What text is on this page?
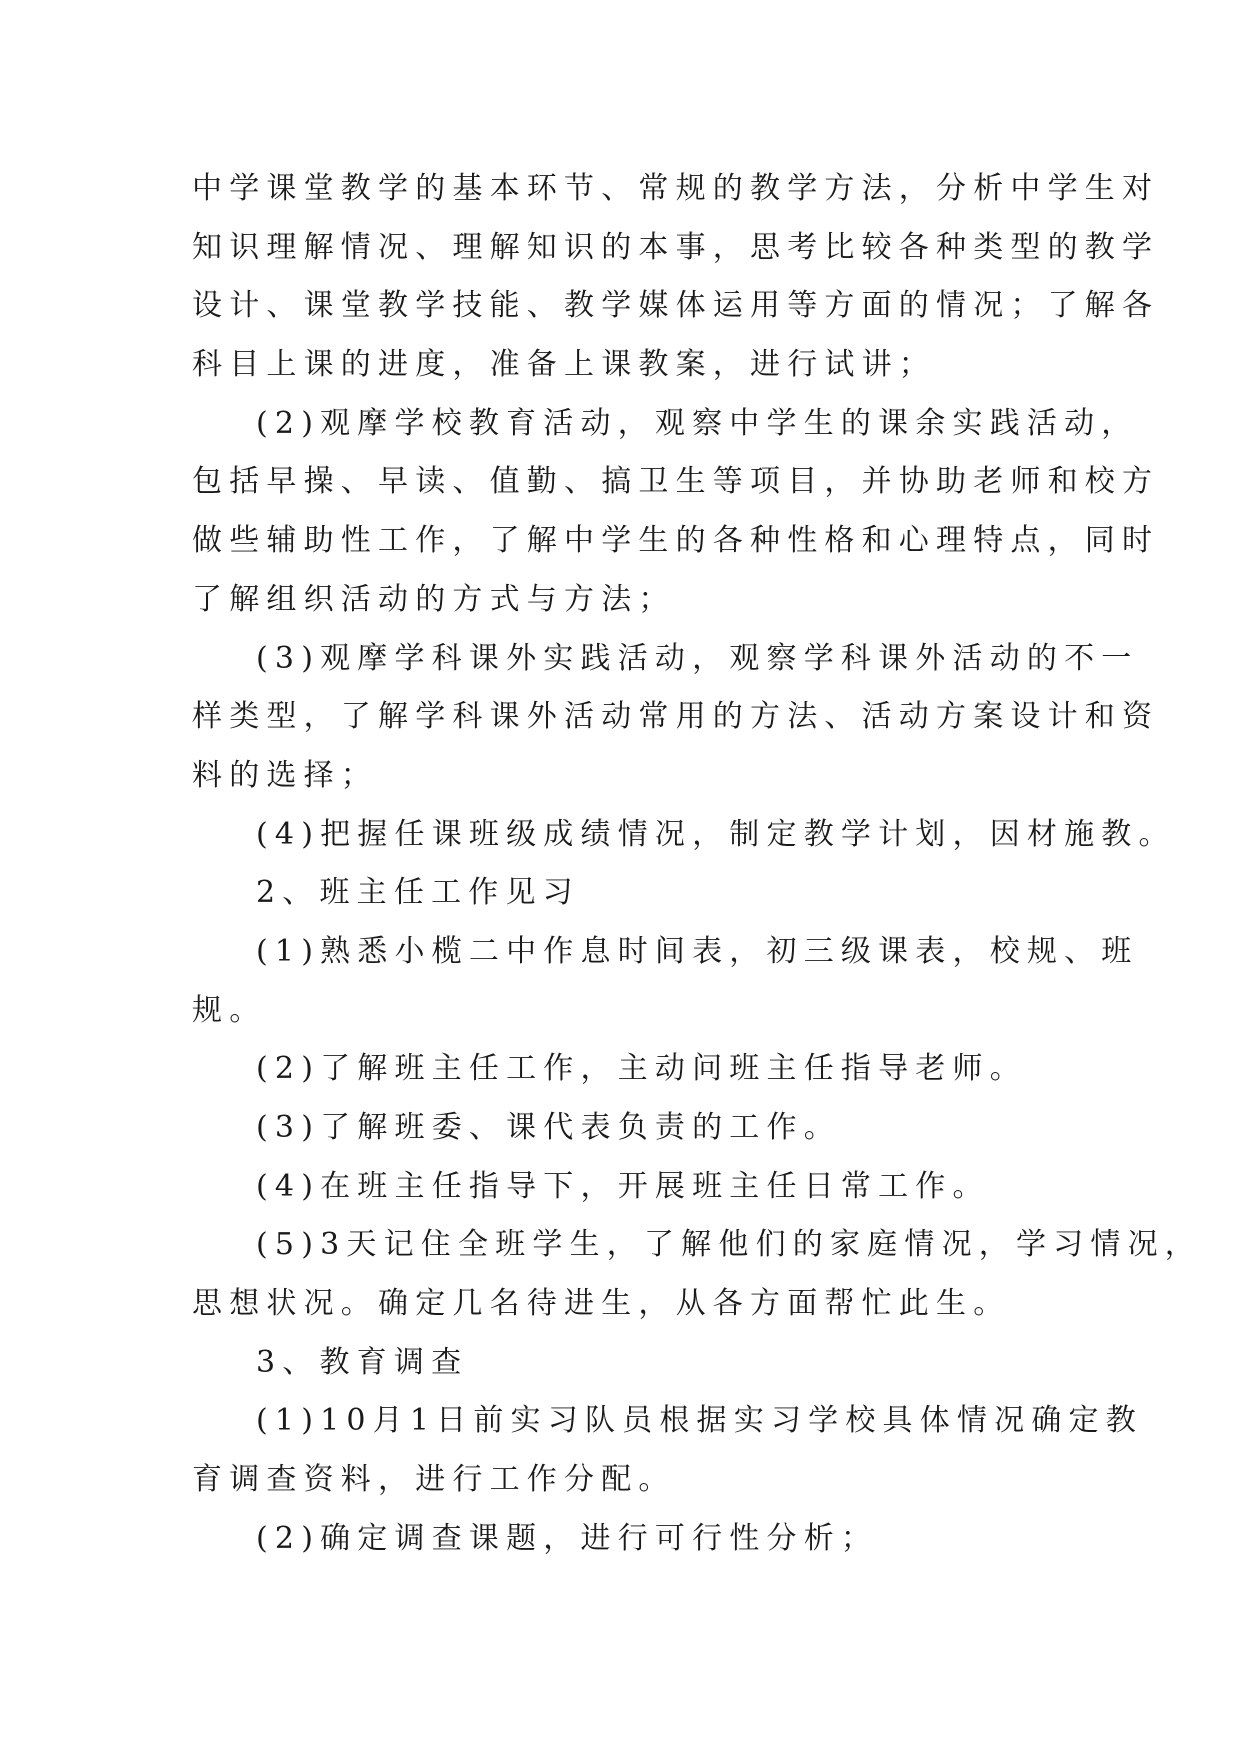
中学课堂教学的基本环节、常规的教学方法，分析中学生对
知识理解情况、理解知识的本事，思考比较各种类型的教学
设计、课堂教学技能、教学媒体运用等方面的情况；了解各
科目上课的进度，准备上课教案，进行试讲；
(2)观摩学校教育活动，观察中学生的课余实践活动，
包括早操、早读、值勤、搞卫生等项目，并协助老师和校方
做些辅助性工作，了解中学生的各种性格和心理特点，同时
了解组织活动的方式与方法；
(3)观摩学科课外实践活动，观察学科课外活动的不一
样类型，了解学科课外活动常用的方法、活动方案设计和资
料的选择；
(4)把握任课班级成绩情况，制定教学计划，因材施教。
2、班主任工作见习
(1)熟悉小榄二中作息时间表，初三级课表，校规、班
规。
(2)了解班主任工作，主动问班主任指导老师。
(3)了解班委、课代表负责的工作。
(4)在班主任指导下，开展班主任日常工作。
(5)3天记住全班学生，了解他们的家庭情况，学习情况，
思想状况。确定几名待进生，从各方面帮忙此生。
3、教育调查
(1)10月1日前实习队员根据实习学校具体情况确定教
育调查资料，进行工作分配。
(2)确定调查课题，进行可行性分析；
